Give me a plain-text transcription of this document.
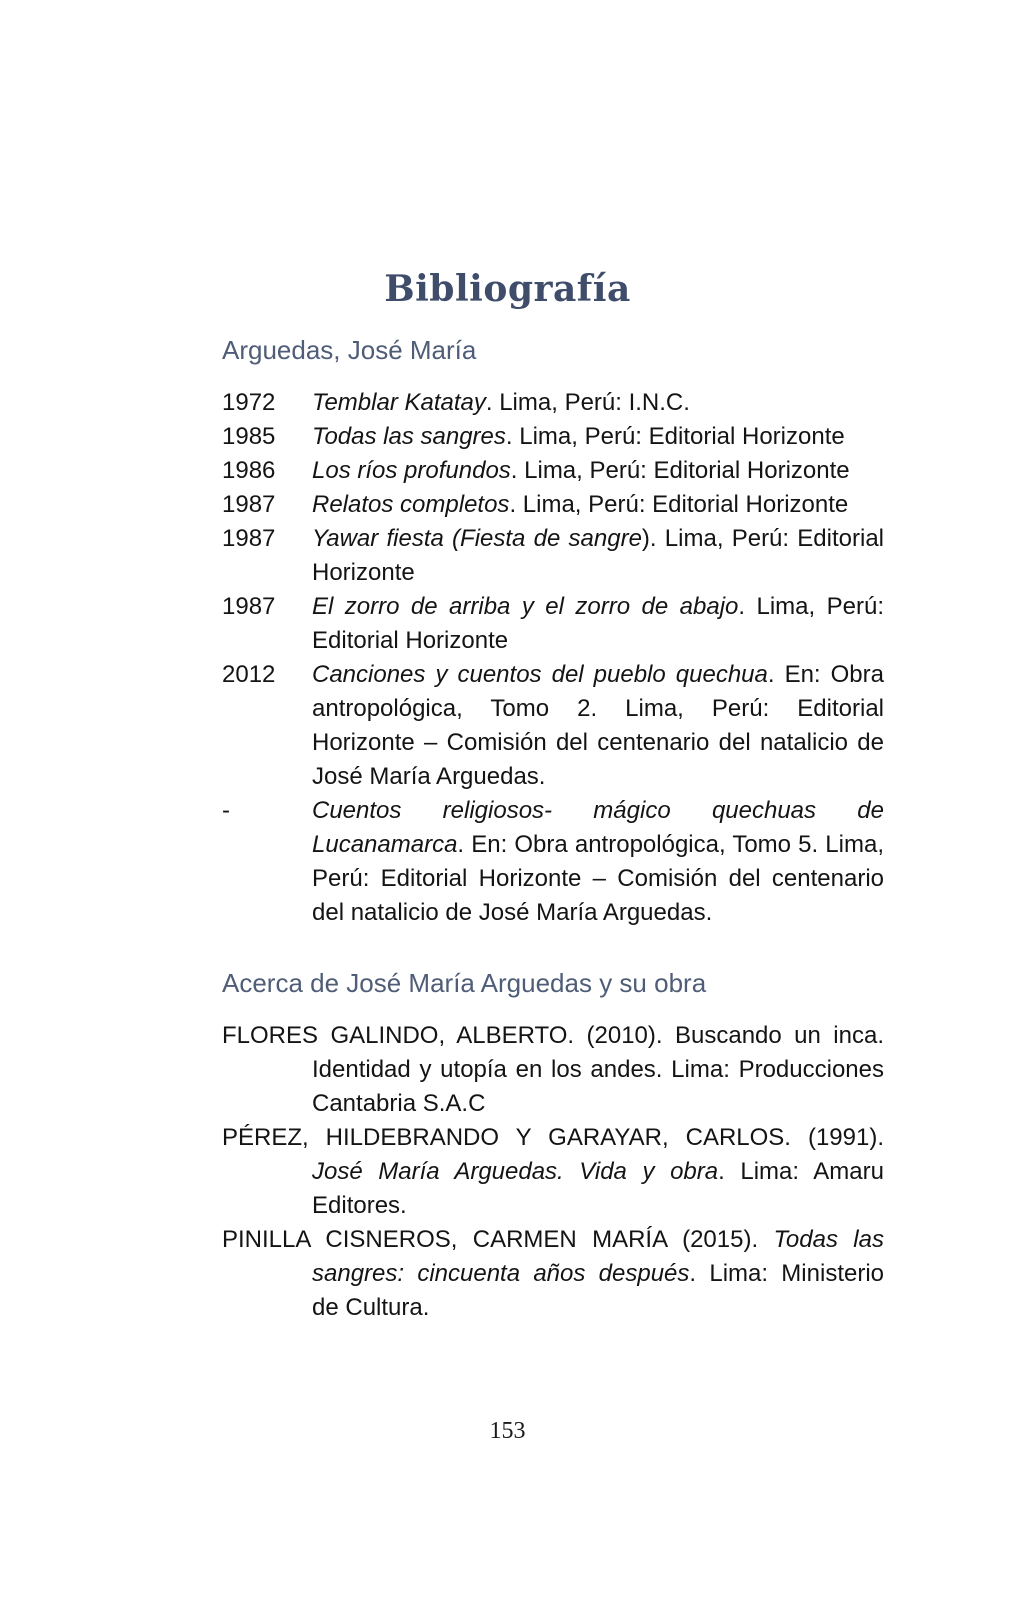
Bibliografía
Arguedas, José María
1972	Temblar Katatay. Lima, Perú: I.N.C.
1985	Todas las sangres. Lima, Perú: Editorial Horizonte
1986	Los ríos profundos. Lima, Perú: Editorial Horizonte
1987	Relatos completos. Lima, Perú: Editorial Horizonte
1987	Yawar fiesta (Fiesta de sangre). Lima, Perú: Editorial Horizonte
1987	El zorro de arriba y el zorro de abajo. Lima, Perú: Editorial Horizonte
2012	Canciones y cuentos del pueblo quechua. En: Obra antropológica, Tomo 2. Lima, Perú: Editorial Horizonte – Comisión del centenario del natalicio de José María Arguedas.
-	Cuentos religiosos- mágico quechuas de Lucanamarca. En: Obra antropológica, Tomo 5. Lima, Perú: Editorial Horizonte – Comisión del centenario del natalicio de José María Arguedas.
Acerca de José María Arguedas y su obra
FLORES GALINDO, ALBERTO. (2010). Buscando un inca. Identidad y utopía en los andes. Lima: Producciones Cantabria S.A.C
PÉREZ, HILDEBRANDO Y GARAYAR, CARLOS. (1991). José María Arguedas. Vida y obra. Lima: Amaru Editores.
PINILLA CISNEROS, CARMEN MARÍA (2015). Todas las sangres: cincuenta años después. Lima: Ministerio de Cultura.
153
